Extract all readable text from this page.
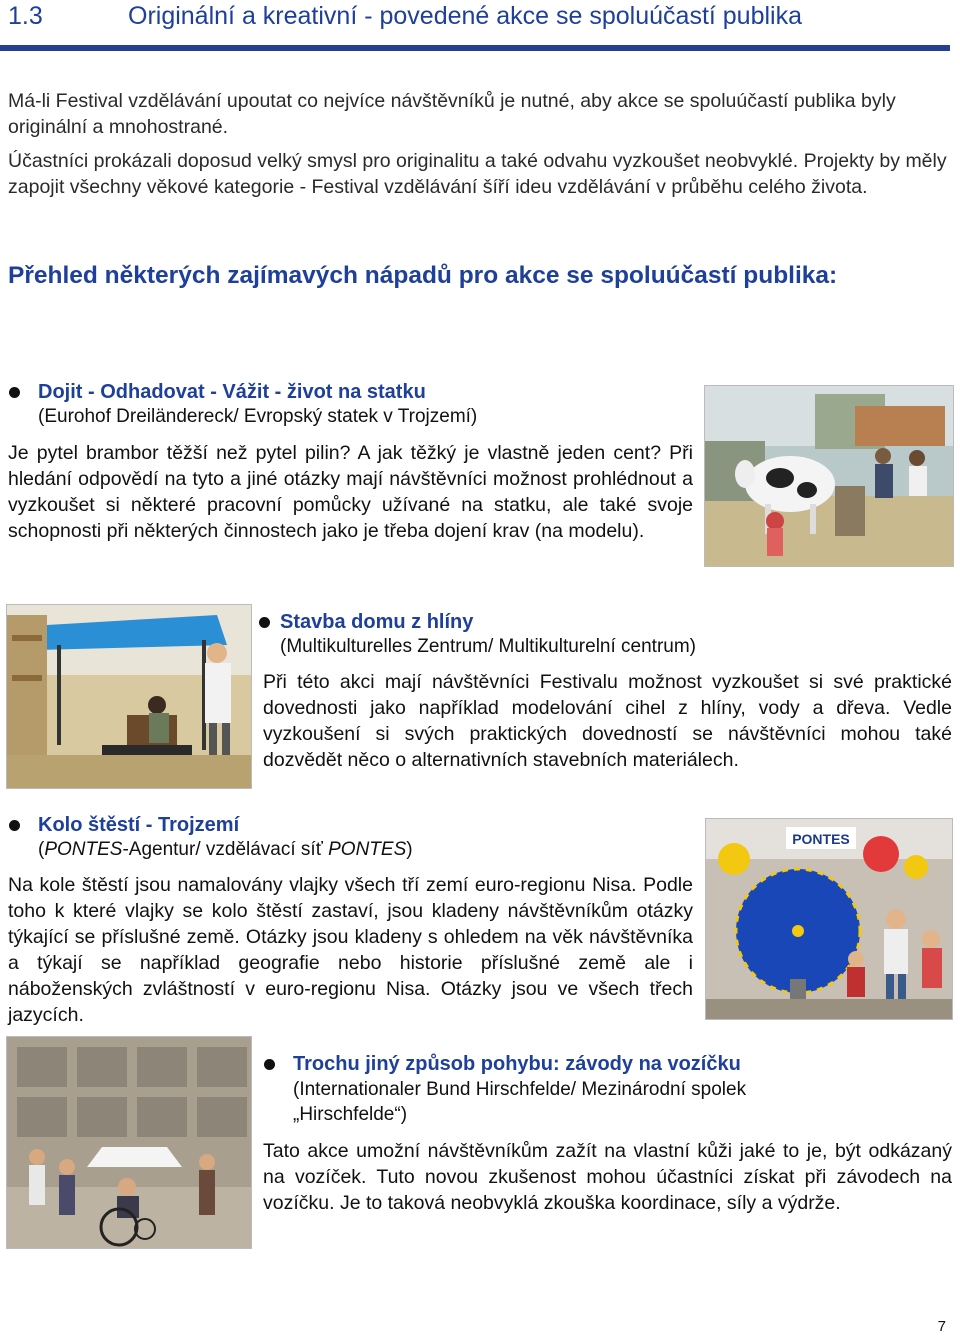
1.3	Originální a kreativní - povedené akce se spoluúčastí publika

Má-li Festival vzdělávání upoutat co nejvíce návštěvníků je nutné, aby akce se spoluúčastí publika byly originální a mnohostrané.

Účastníci prokázali doposud velký smysl pro originalitu a také odvahu vyzkoušet neobvyklé. Projekty by měly zapojit všechny věkové kategorie - Festival vzdělávání šíří ideu vzdělávání v průběhu celého života.

Přehled některých zajímavých nápadů pro akce se spoluúčastí publika:
Dojit - Odhadovat - Vážit - život na statku
(Eurohof Dreiländereck/ Evropský statek v Trojzemí)

Je pytel brambor těžší než pytel pilin? A jak těžký je vlastně jeden cent? Při hledání odpovědí na tyto a jiné otázky mají návštěvníci možnost prohlédnout a vyzkoušet si některé pracovní pomůcky užívané na statku, ale také svoje schopnosti při některých činnostech jako je třeba dojení krav (na modelu).

Stavba domu z hlíny
(Multikulturelles Zentrum/ Multikulturelní centrum)

Při této akci mají návštěvníci Festivalu možnost vyzkoušet si své praktické dovednosti jako například modelování cihel z hlíny, vody a dřeva. Vedle vyzkoušení si svých praktických dovedností se návštěvníci mohou také dozvědět něco o alternativních stavebních materiálech.

Kolo štěstí - Trojzemí
(PONTES-Agentur/ vzdělávací síť PONTES)

Na kole štěstí jsou namalovány vlajky všech tří zemí euro-regionu Nisa. Podle toho k které vlajky se kolo štěstí zastaví, jsou kladeny návštěvníkům otázky týkající se příslušné země. Otázky jsou kladeny s ohledem na věk návštěvníka a týkají se například geografie nebo historie příslušné země ale i náboženských zvláštností v euro-regionu Nisa. Otázky jsou ve všech třech jazycích.

PONTES
Trochu jiný způsob pohybu: závody na vozíčku
(Internationaler Bund Hirschfelde/ Mezinárodní spolek
„Hirschfelde“)

Tato akce umožní návštěvníkům zažít na vlastní kůži jaké to je, být odkázaný na vozíček. Tuto novou zkušenost mohou účastníci získat při závodech na vozíčku. Je to taková neobvyklá zkouška koordinace, síly a výdrže.

7
